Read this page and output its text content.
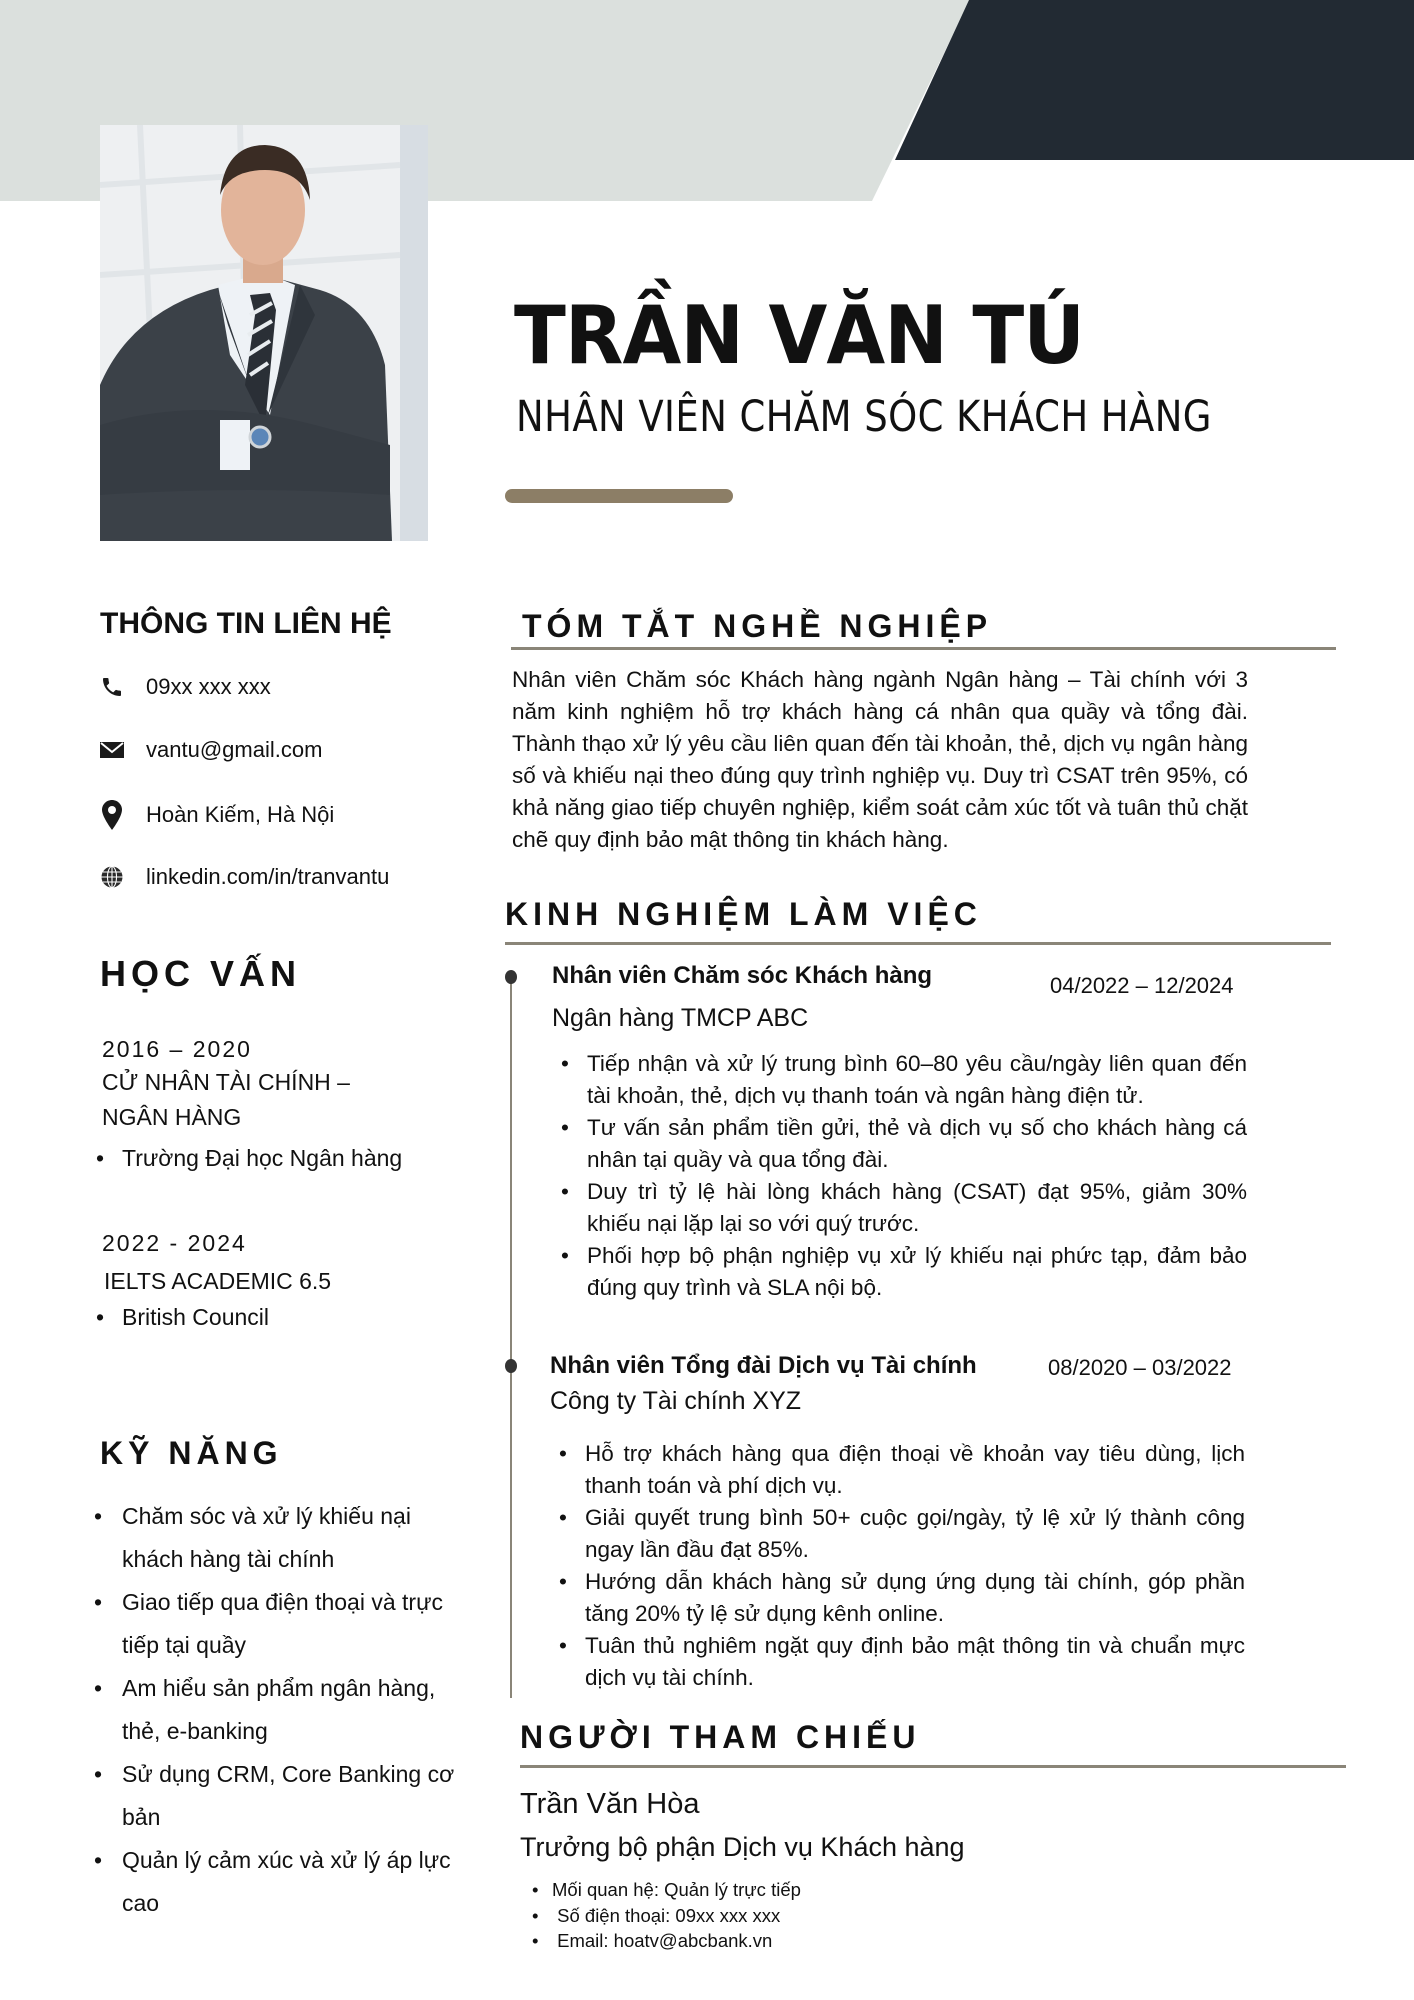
TRẦN VĂN TÚ
NHÂN VIÊN CHĂM SÓC KHÁCH HÀNG
THÔNG TIN LIÊN HỆ
09xx xxx xxx
vantu@gmail.com
Hoàn Kiếm, Hà Nội
linkedin.com/in/tranvantu
HỌC VẤN
2016 – 2020
CỬ NHÂN TÀI CHÍNH –
NGÂN HÀNG
• Trường Đại học Ngân hàng
2022 - 2024
IELTS ACADEMIC 6.5
• British Council
KỸ NĂNG
• Chăm sóc và xử lý khiếu nại khách hàng tài chính
• Giao tiếp qua điện thoại và trực tiếp tại quầy
• Am hiểu sản phẩm ngân hàng, thẻ, e-banking
• Sử dụng CRM, Core Banking cơ bản
• Quản lý cảm xúc và xử lý áp lực cao
TÓM TẮT NGHỀ NGHIỆP
Nhân viên Chăm sóc Khách hàng ngành Ngân hàng – Tài chính với 3 năm kinh nghiệm hỗ trợ khách hàng cá nhân qua quầy và tổng đài. Thành thạo xử lý yêu cầu liên quan đến tài khoản, thẻ, dịch vụ ngân hàng số và khiếu nại theo đúng quy trình nghiệp vụ. Duy trì CSAT trên 95%, có khả năng giao tiếp chuyên nghiệp, kiểm soát cảm xúc tốt và tuân thủ chặt chẽ quy định bảo mật thông tin khách hàng.
KINH NGHIỆM LÀM VIỆC
Nhân viên Chăm sóc Khách hàng	04/2022 – 12/2024
Ngân hàng TMCP ABC
• Tiếp nhận và xử lý trung bình 60–80 yêu cầu/ngày liên quan đến tài khoản, thẻ, dịch vụ thanh toán và ngân hàng điện tử.
• Tư vấn sản phẩm tiền gửi, thẻ và dịch vụ số cho khách hàng cá nhân tại quầy và qua tổng đài.
• Duy trì tỷ lệ hài lòng khách hàng (CSAT) đạt 95%, giảm 30% khiếu nại lặp lại so với quý trước.
• Phối hợp bộ phận nghiệp vụ xử lý khiếu nại phức tạp, đảm bảo đúng quy trình và SLA nội bộ.
Nhân viên Tổng đài Dịch vụ Tài chính	08/2020 – 03/2022
Công ty Tài chính XYZ
• Hỗ trợ khách hàng qua điện thoại về khoản vay tiêu dùng, lịch thanh toán và phí dịch vụ.
• Giải quyết trung bình 50+ cuộc gọi/ngày, tỷ lệ xử lý thành công ngay lần đầu đạt 85%.
• Hướng dẫn khách hàng sử dụng ứng dụng tài chính, góp phần tăng 20% tỷ lệ sử dụng kênh online.
• Tuân thủ nghiêm ngặt quy định bảo mật thông tin và chuẩn mực dịch vụ tài chính.
NGƯỜI THAM CHIẾU
Trần Văn Hòa
Trưởng bộ phận Dịch vụ Khách hàng
• Mối quan hệ: Quản lý trực tiếp
•  Số điện thoại: 09xx xxx xxx
•  Email: hoatv@abcbank.vn
